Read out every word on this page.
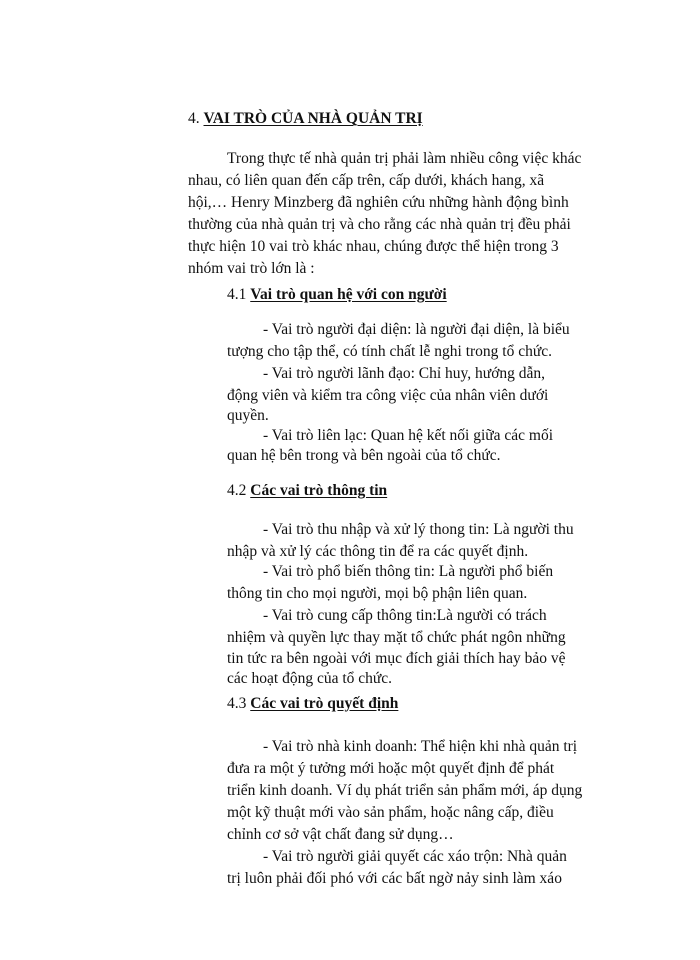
4. VAI TRÒ CỦA NHÀ QUẢN TRỊ
Trong thực tế nhà quản trị phải làm nhiều công việc khác
nhau, có liên quan đến cấp trên, cấp dưới, khách hang, xã
hội,… Henry Minzberg đã nghiên cứu những hành động bình
thường của nhà quản trị và cho rằng các nhà quản trị đều phải
thực hiện 10 vai trò khác nhau, chúng được thể hiện trong 3
nhóm vai trò lớn là :
4.1 Vai trò quan hệ với con người
- Vai trò người đại diện: là người đại diện, là biểu
tượng cho tập thể, có tính chất lễ nghi trong tổ chức.
- Vai trò người lãnh đạo: Chỉ huy, hướng dẫn,
động viên và kiểm tra công việc của nhân viên dưới
quyền.
- Vai trò liên lạc: Quan hệ kết nối giữa các mối
quan hệ bên trong và bên ngoài của tổ chức.
4.2 Các vai trò thông tin
- Vai trò thu nhập và xử lý thong tin: Là người thu
nhập và xử lý các thông tin để ra các quyết định.
- Vai trò phổ biến thông tin: Là người phổ biến
thông tin cho mọi người, mọi bộ phận liên quan.
- Vai trò cung cấp thông tin:Là người có trách
nhiệm và quyền lực thay mặt tổ chức phát ngôn những
tin tức ra bên ngoài với mục đích giải thích hay bảo vệ
các hoạt động của tổ chức.
4.3 Các vai trò quyết định
- Vai trò nhà kinh doanh: Thể hiện khi nhà quản trị
đưa ra một ý tưởng mới hoặc một quyết định để phát
triển kinh doanh. Ví dụ phát triển sản phẩm mới, áp dụng
một kỹ thuật mới vào sản phẩm, hoặc nâng cấp, điều
chỉnh cơ sở vật chất đang sử dụng…
- Vai trò người giải quyết các xáo trộn: Nhà quản
trị luôn phải đối phó với các bất ngờ nảy sinh làm xáo
